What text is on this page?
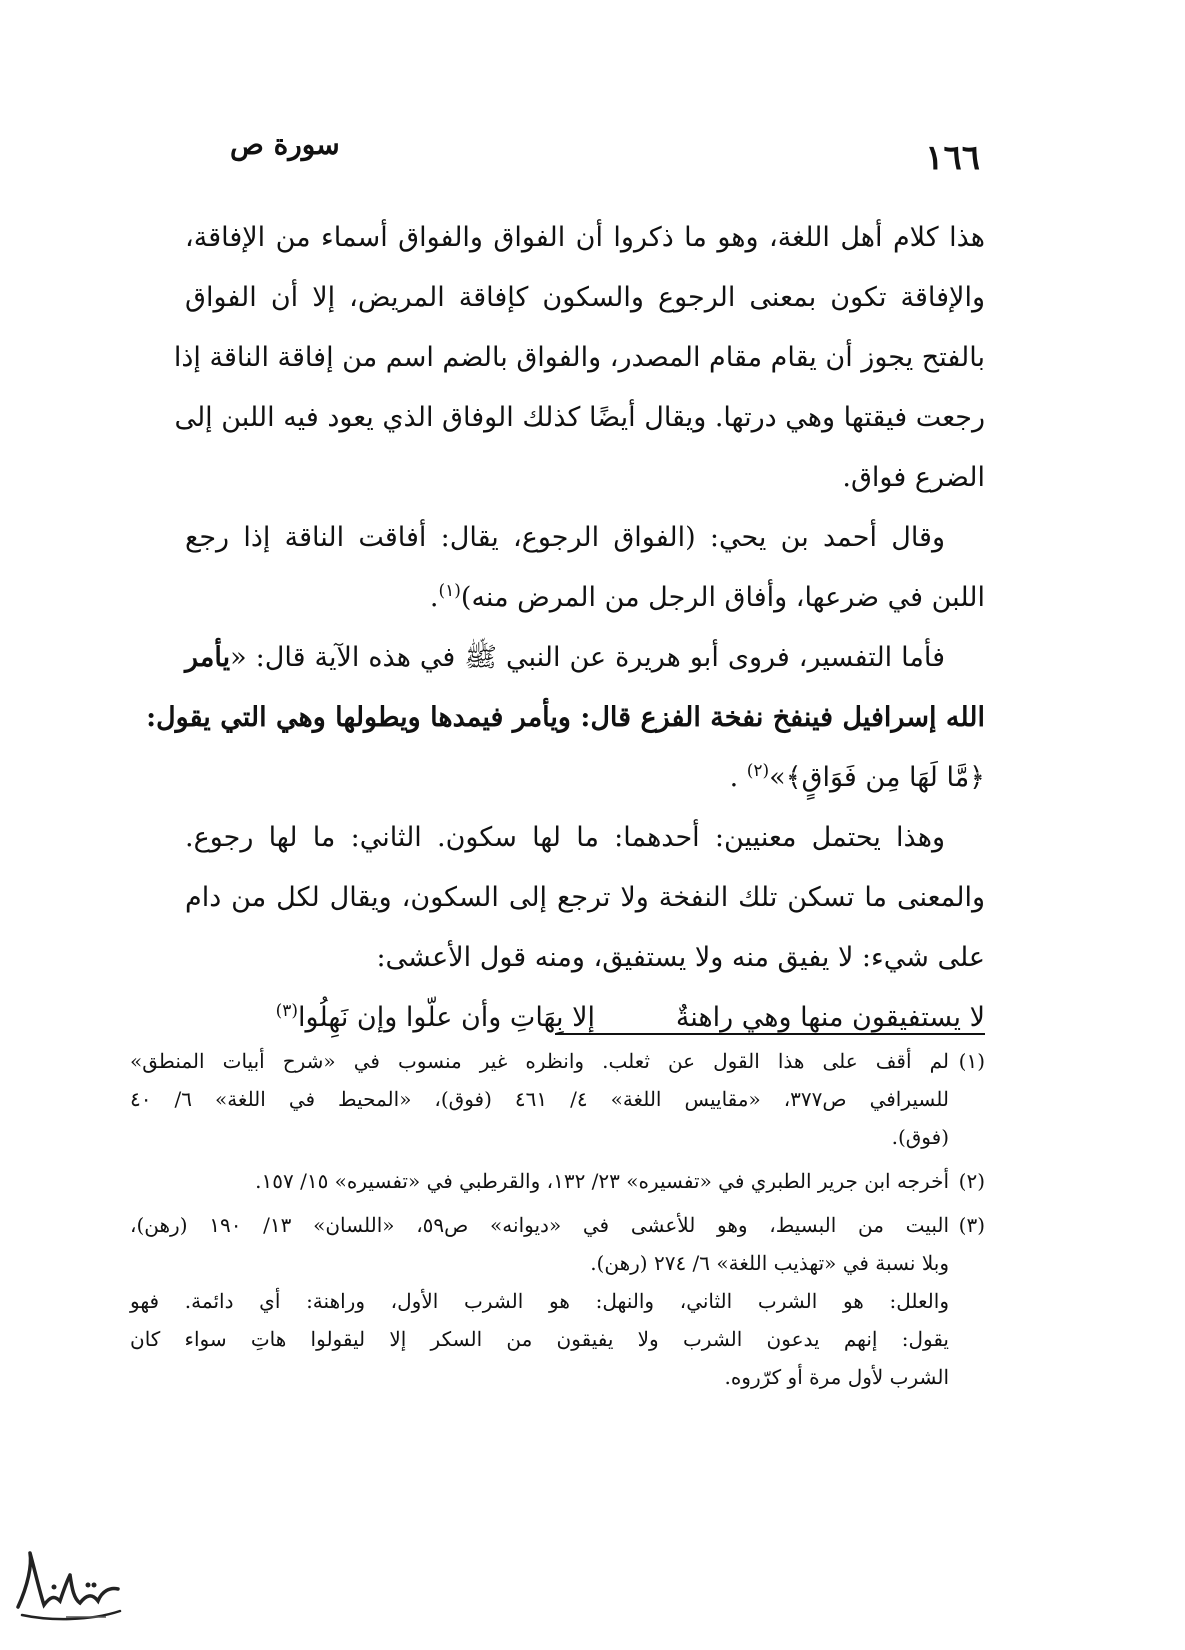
١٦٦
سورة ص
هذا كلام أهل اللغة، وهو ما ذكروا أن الفواق والفواق أسماء من الإفاقة،
والإفاقة تكون بمعنى الرجوع والسكون كإفاقة المريض، إلا أن الفواق
بالفتح يجوز أن يقام مقام المصدر، والفواق بالضم اسم من إفاقة الناقة إذا
رجعت فيقتها وهي درتها. ويقال أيضًا كذلك الوفاق الذي يعود فيه اللبن إلى
الضرع فواق.
وقال أحمد بن يحي: (الفواق الرجوع، يقال: أفاقت الناقة إذا رجع
اللبن في ضرعها، وأفاق الرجل من المرض منه)$^{(١)}$.
فأما التفسير، فروى أبو هريرة عن النبي ﷺ في هذه الآية قال: «يأمر
الله إسرافيل فينفخ نفخة الفزع قال: ويأمر فيمدها ويطولها وهي التي يقول:
﴿مَّا لَهَا مِن فَوَاقٍ﴾»$^{(٢)}$ .
وهذا يحتمل معنيين: أحدهما: ما لها سكون. الثاني: ما لها رجوع.
والمعنى ما تسكن تلك النفخة ولا ترجع إلى السكون، ويقال لكل من دام
على شيء: لا يفيق منه ولا يستفيق، ومنه قول الأعشى:
لا يستفيقون منها وهي راهنةٌإلا بِهَاتِ وأن علّوا وإن نَهِلُوا$^{(٣)}$
(١)لم أقف على هذا القول عن ثعلب. وانظره غير منسوب في «شرح أبيات المنطق»
للسيرافي ص٣٧٧، «مقاييس اللغة» ٤/ ٤٦١ (فوق)، «المحيط في اللغة» ٦/ ٤٠
(فوق).
(٢)أخرجه ابن جرير الطبري في «تفسيره» ٢٣/ ١٣٢، والقرطبي في «تفسيره» ١٥/ ١٥٧.
(٣)البيت من البسيط، وهو للأعشى في «ديوانه» ص٥٩، «اللسان» ١٣/ ١٩٠ (رهن)،
وبلا نسبة في «تهذيب اللغة» ٦/ ٢٧٤ (رهن).
والعلل: هو الشرب الثاني، والنهل: هو الشرب الأول، وراهنة: أي دائمة. فهو
يقول: إنهم يدعون الشرب ولا يفيقون من السكر إلا ليقولوا هاتِ سواء كان
الشرب لأول مرة أو كرّروه.
